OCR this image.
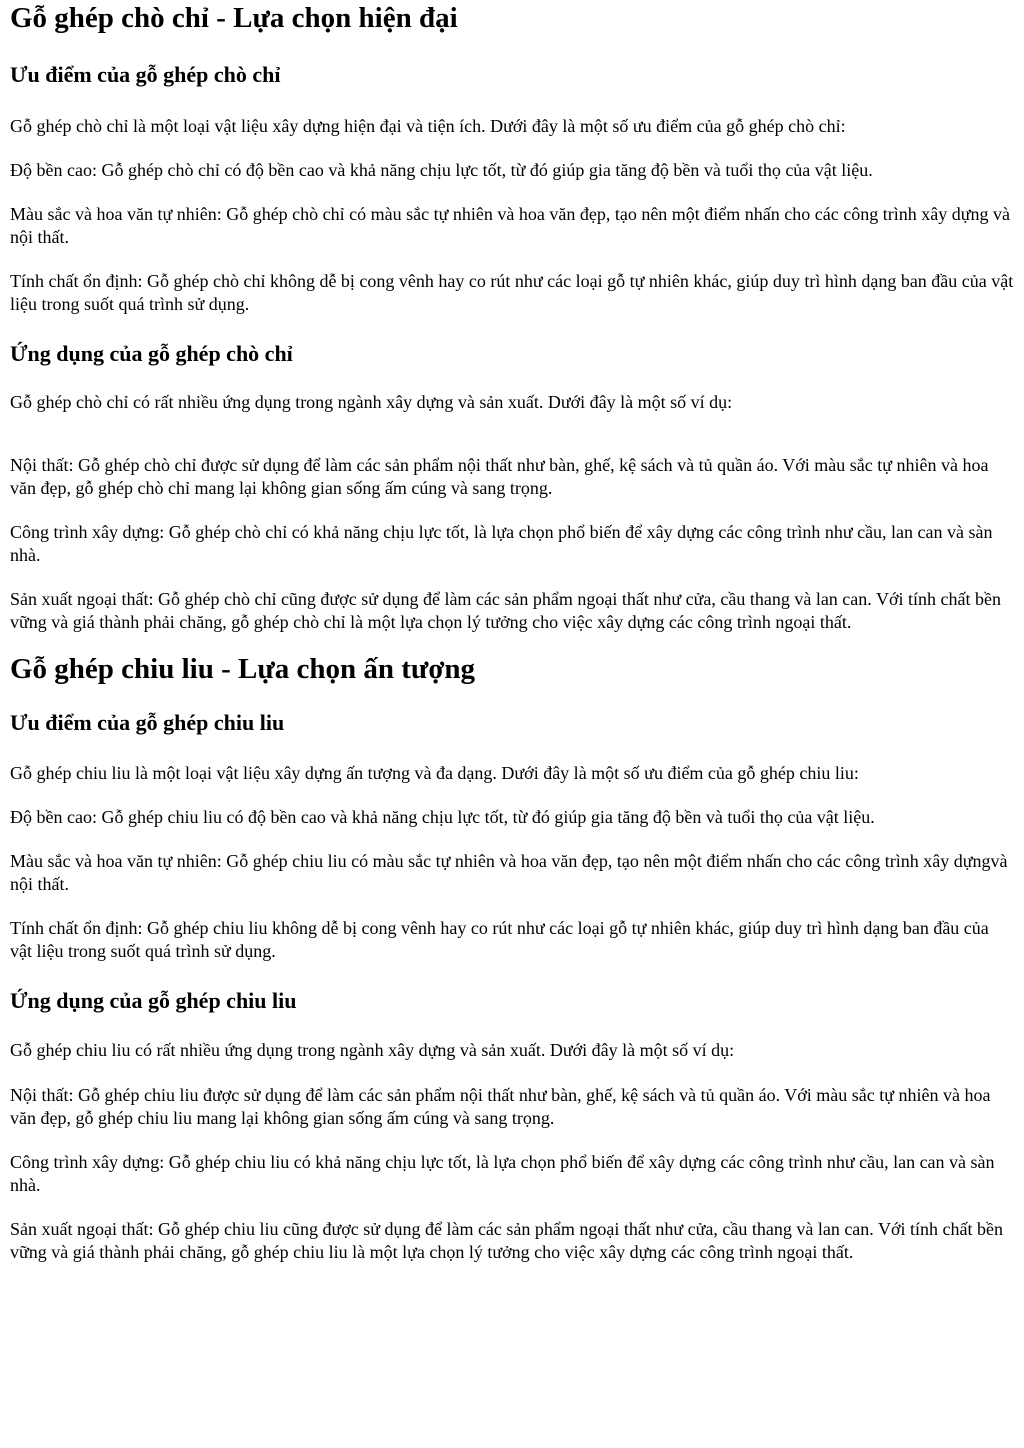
Gỗ ghép chò chỉ - Lựa chọn hiện đại
Ưu điểm của gỗ ghép chò chỉ

Gỗ ghép chò chỉ là một loại vật liệu xây dựng hiện đại và tiện ích. Dưới đây là một số ưu điểm của gỗ ghép chò chỉ:

Độ bền cao: Gỗ ghép chò chỉ có độ bền cao và khả năng chịu lực tốt, từ đó giúp gia tăng độ bền và tuổi thọ của vật liệu.

Màu sắc và hoa văn tự nhiên: Gỗ ghép chò chỉ có màu sắc tự nhiên và hoa văn đẹp, tạo nên một điểm nhấn cho các công trình xây dựng và nội thất.

Tính chất ổn định: Gỗ ghép chò chỉ không dễ bị cong vênh hay co rút như các loại gỗ tự nhiên khác, giúp duy trì hình dạng ban đầu của vật liệu trong suốt quá trình sử dụng.

Ứng dụng của gỗ ghép chò chỉ

Gỗ ghép chò chỉ có rất nhiều ứng dụng trong ngành xây dựng và sản xuất. Dưới đây là một số ví dụ:

Nội thất: Gỗ ghép chò chỉ được sử dụng để làm các sản phẩm nội thất như bàn, ghế, kệ sách và tủ quần áo. Với màu sắc tự nhiên và hoa văn đẹp, gỗ ghép chò chỉ mang lại không gian sống ấm cúng và sang trọng.

Công trình xây dựng: Gỗ ghép chò chỉ có khả năng chịu lực tốt, là lựa chọn phổ biến để xây dựng các công trình như cầu, lan can và sàn nhà.

Sản xuất ngoại thất: Gỗ ghép chò chỉ cũng được sử dụng để làm các sản phẩm ngoại thất như cửa, cầu thang và lan can. Với tính chất bền vững và giá thành phải chăng, gỗ ghép chò chỉ là một lựa chọn lý tưởng cho việc xây dựng các công trình ngoại thất.

Gỗ ghép chiu liu - Lựa chọn ấn tượng
Ưu điểm của gỗ ghép chiu liu

Gỗ ghép chiu liu là một loại vật liệu xây dựng ấn tượng và đa dạng. Dưới đây là một số ưu điểm của gỗ ghép chiu liu:

Độ bền cao: Gỗ ghép chiu liu có độ bền cao và khả năng chịu lực tốt, từ đó giúp gia tăng độ bền và tuổi thọ của vật liệu.

Màu sắc và hoa văn tự nhiên: Gỗ ghép chiu liu có màu sắc tự nhiên và hoa văn đẹp, tạo nên một điểm nhấn cho các công trình xây dựngvà nội thất.

Tính chất ổn định: Gỗ ghép chiu liu không dễ bị cong vênh hay co rút như các loại gỗ tự nhiên khác, giúp duy trì hình dạng ban đầu của vật liệu trong suốt quá trình sử dụng.

Ứng dụng của gỗ ghép chiu liu

Gỗ ghép chiu liu có rất nhiều ứng dụng trong ngành xây dựng và sản xuất. Dưới đây là một số ví dụ:

Nội thất: Gỗ ghép chiu liu được sử dụng để làm các sản phẩm nội thất như bàn, ghế, kệ sách và tủ quần áo. Với màu sắc tự nhiên và hoa văn đẹp, gỗ ghép chiu liu mang lại không gian sống ấm cúng và sang trọng.

Công trình xây dựng: Gỗ ghép chiu liu có khả năng chịu lực tốt, là lựa chọn phổ biến để xây dựng các công trình như cầu, lan can và sàn nhà.

Sản xuất ngoại thất: Gỗ ghép chiu liu cũng được sử dụng để làm các sản phẩm ngoại thất như cửa, cầu thang và lan can. Với tính chất bền vững và giá thành phải chăng, gỗ ghép chiu liu là một lựa chọn lý tưởng cho việc xây dựng các công trình ngoại thất.
